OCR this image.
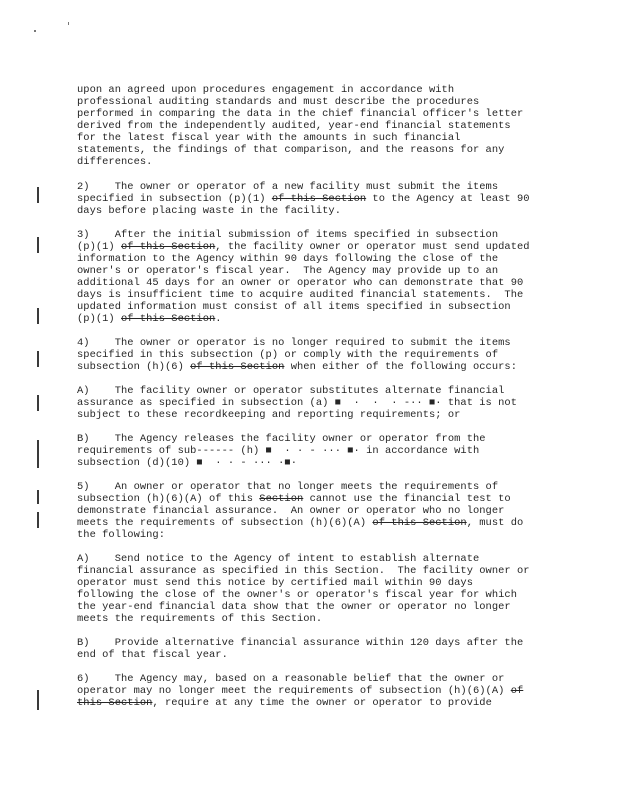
upon an agreed upon procedures engagement in accordance with
professional auditing standards and must describe the procedures
performed in comparing the data in the chief financial officer's letter
derived from the independently audited, year-end financial statements
for the latest fiscal year with the amounts in such financial
statements, the findings of that comparison, and the reasons for any
differences.
2)    The owner or operator of a new facility must submit the items
specified in subsection (p)(1) of this Section to the Agency at least 90
days before placing waste in the facility.
3)    After the initial submission of items specified in subsection
(p)(1) of this Section, the facility owner or operator must send updated
information to the Agency within 90 days following the close of the
owner's or operator's fiscal year.  The Agency may provide up to an
additional 45 days for an owner or operator who can demonstrate that 90
days is insufficient time to acquire audited financial statements.  The
updated information must consist of all items specified in subsection
(p)(1) of this Section.
4)    The owner or operator is no longer required to submit the items
specified in this subsection (p) or comply with the requirements of
subsection (h)(6) of this Section when either of the following occurs:
A)    The facility owner or operator substitutes alternate financial
assurance as specified in subsection (a) ■  ·  ·  · -·· ■· that is not
subject to these recordkeeping and reporting requirements; or
B)    The Agency releases the facility owner or operator from the
requirements of sub------ (h) ■  · · - ··· ■· in accordance with
subsection (d)(10) ■  · · - ··· ·■·
5)    An owner or operator that no longer meets the requirements of
subsection (h)(6)(A) of this Section cannot use the financial test to
demonstrate financial assurance.  An owner or operator who no longer
meets the requirements of subsection (h)(6)(A) of this Section, must do
the following:
A)    Send notice to the Agency of intent to establish alternate
financial assurance as specified in this Section.  The facility owner or
operator must send this notice by certified mail within 90 days
following the close of the owner's or operator's fiscal year for which
the year-end financial data show that the owner or operator no longer
meets the requirements of this Section.
B)    Provide alternative financial assurance within 120 days after the
end of that fiscal year.
6)    The Agency may, based on a reasonable belief that the owner or
operator may no longer meet the requirements of subsection (h)(6)(A) of
this Section, require at any time the owner or operator to provide
